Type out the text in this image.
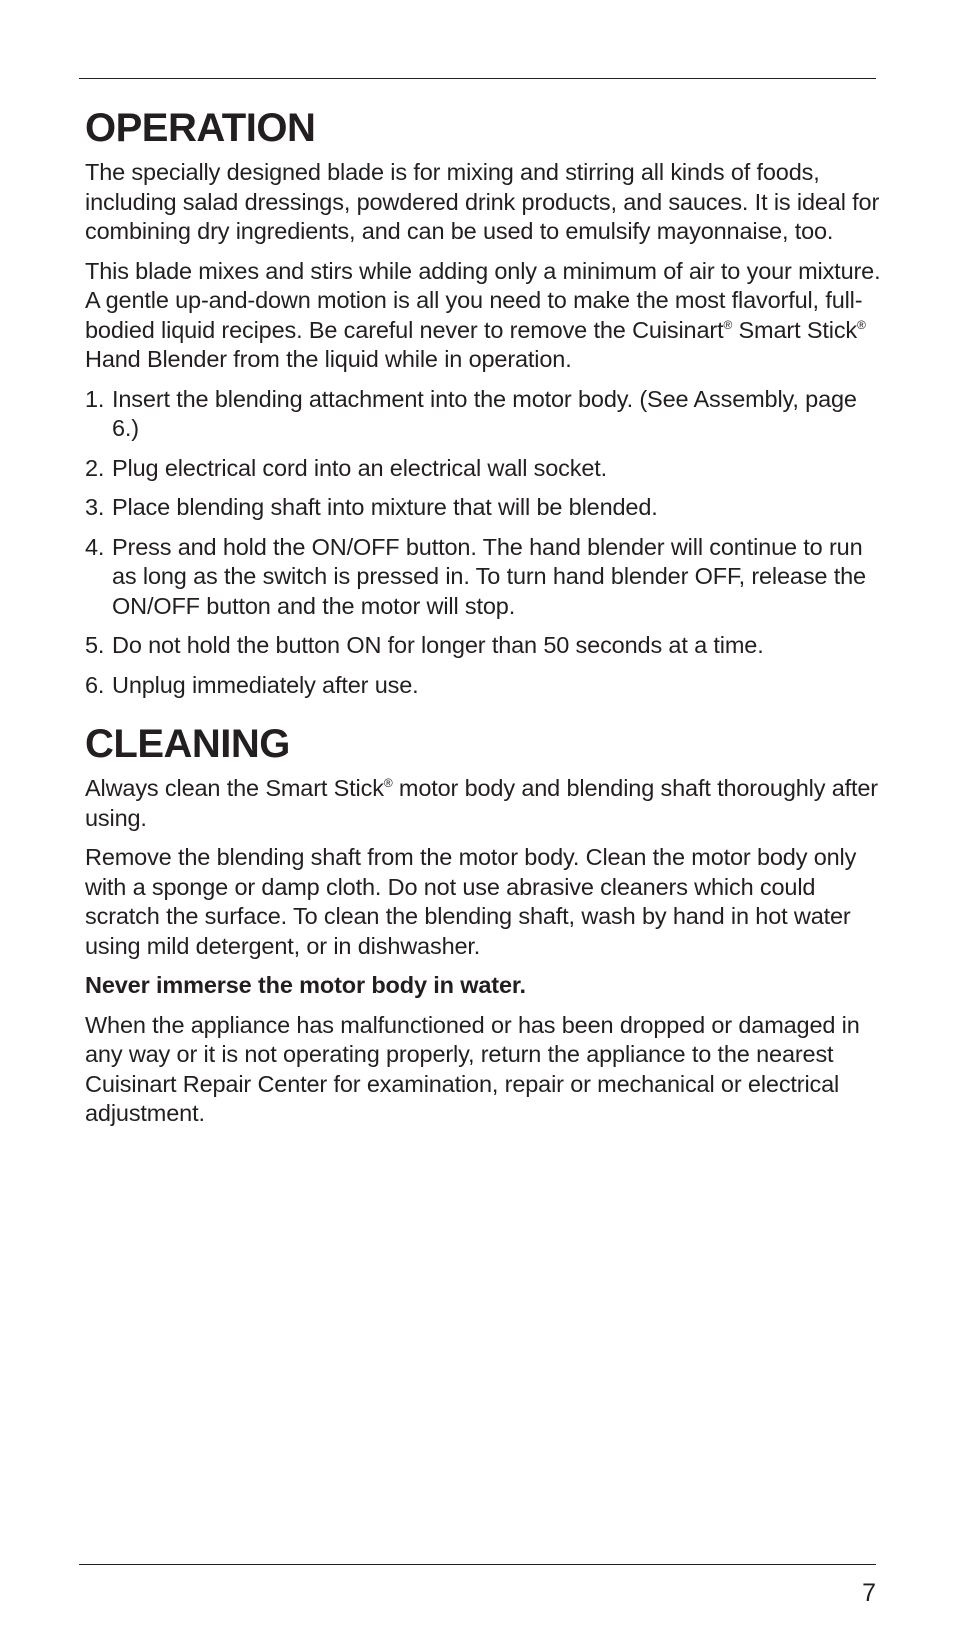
OPERATION

The specially designed blade is for mixing and stirring all kinds of foods, including salad dressings, powdered drink products, and sauces. It is ideal for combining dry ingredients, and can be used to emulsify mayonnaise, too.

This blade mixes and stirs while adding only a minimum of air to your mixture. A gentle up-and-down motion is all you need to make the most flavorful, full-bodied liquid recipes. Be careful never to remove the Cuisinart® Smart Stick® Hand Blender from the liquid while in operation.

1. Insert the blending attachment into the motor body. (See Assembly, page 6.)
2. Plug electrical cord into an electrical wall socket.
3. Place blending shaft into mixture that will be blended.
4. Press and hold the ON/OFF button. The hand blender will continue to run as long as the switch is pressed in. To turn hand blender OFF, release the ON/OFF button and the motor will stop.
5. Do not hold the button ON for longer than 50 seconds at a time.
6. Unplug immediately after use.
CLEANING

Always clean the Smart Stick® motor body and blending shaft thoroughly after using.

Remove the blending shaft from the motor body. Clean the motor body only with a sponge or damp cloth. Do not use abrasive cleaners which could scratch the surface. To clean the blending shaft, wash by hand in hot water using mild detergent, or in dishwasher.

Never immerse the motor body in water.

When the appliance has malfunctioned or has been dropped or damaged in any way or it is not operating properly, return the appliance to the nearest Cuisinart Repair Center for examination, repair or mechanical or electrical adjustment.

7
